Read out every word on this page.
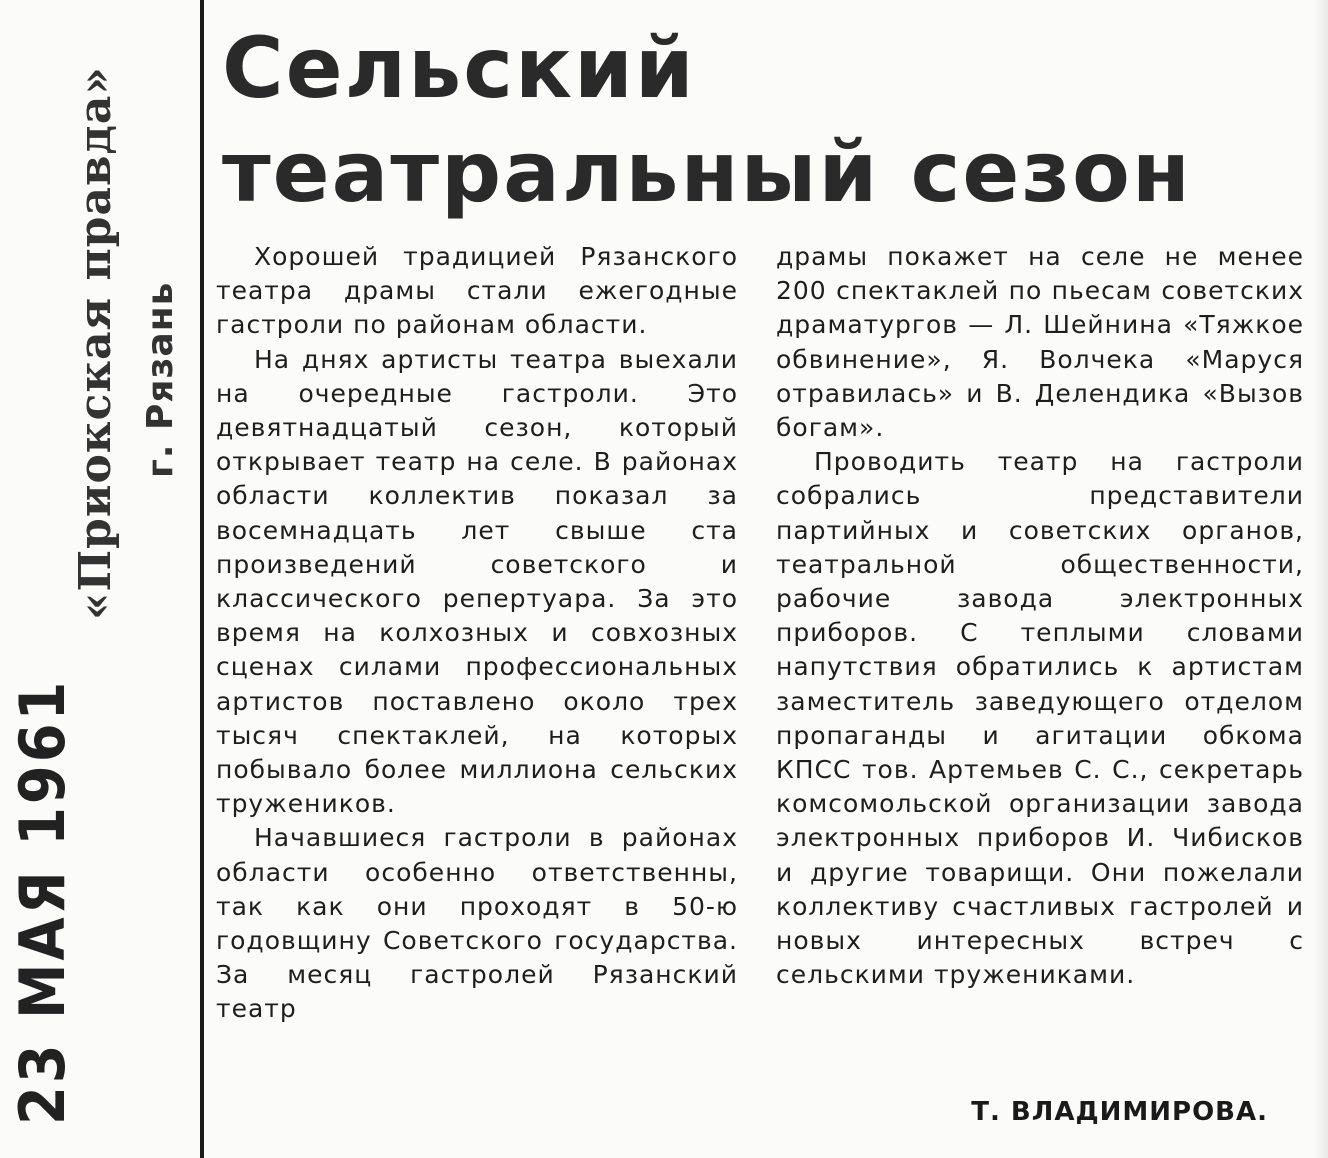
23 МАЯ 1961
«Приокская правда» г. Рязань
Сельский
театральный сезон

Хорошей традицией Рязанского театра драмы стали ежегодные гастроли по районам области.

На днях артисты театра выехали на очередные гастроли. Это девятнадцатый сезон, который открывает театр на селе. В районах области коллектив показал за восемнадцать лет свыше ста произведений советского и классического репертуара. За это время на колхозных и совхозных сценах силами профессиональных артистов поставлено около трех тысяч спектаклей, на которых побывало более миллиона сельских тружеников.

Начавшиеся гастроли в районах области особенно ответственны, так как они проходят в 50-ю годовщину Советского государства. За месяц гастролей Рязанский театр

драмы покажет на селе не менее 200 спектаклей по пьесам советских драматургов — Л. Шейнина «Тяжкое обвинение», Я. Волчека «Маруся отравилась» и В. Делендика «Вызов богам».

Проводить театр на гастроли собрались представители партийных и советских органов, театральной общественности, рабочие завода электронных приборов. С теплыми словами напутствия обратились к артистам заместитель заведующего отделом пропаганды и агитации обкома КПСС тов. Артемьев С. С., секретарь комсомольской организации завода электронных приборов И. Чибисков и другие товарищи. Они пожелали коллективу счастливых гастролей и новых интересных встреч с сельскими тружениками.

Т. ВЛАДИМИРОВА.
